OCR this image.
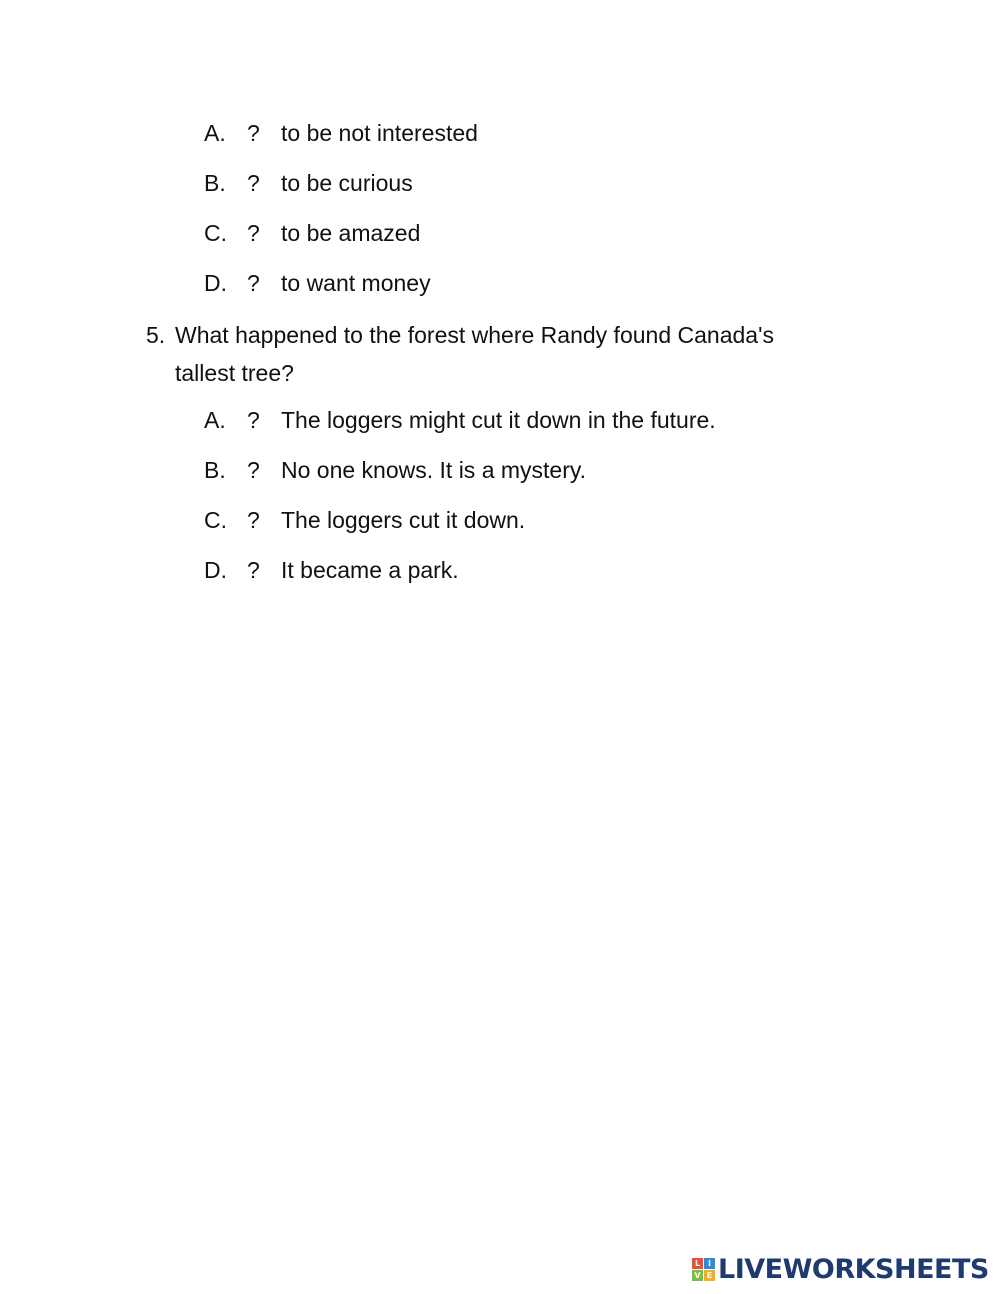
A. ? to be not interested
B. ? to be curious
C. ? to be amazed
D. ? to want money
5. What happened to the forest where Randy found Canada's tallest tree?
A. ? The loggers might cut it down in the future.
B. ? No one knows. It is a mystery.
C. ? The loggers cut it down.
D. ? It became a park.
L I
V E LIVEWORKSHEETS
